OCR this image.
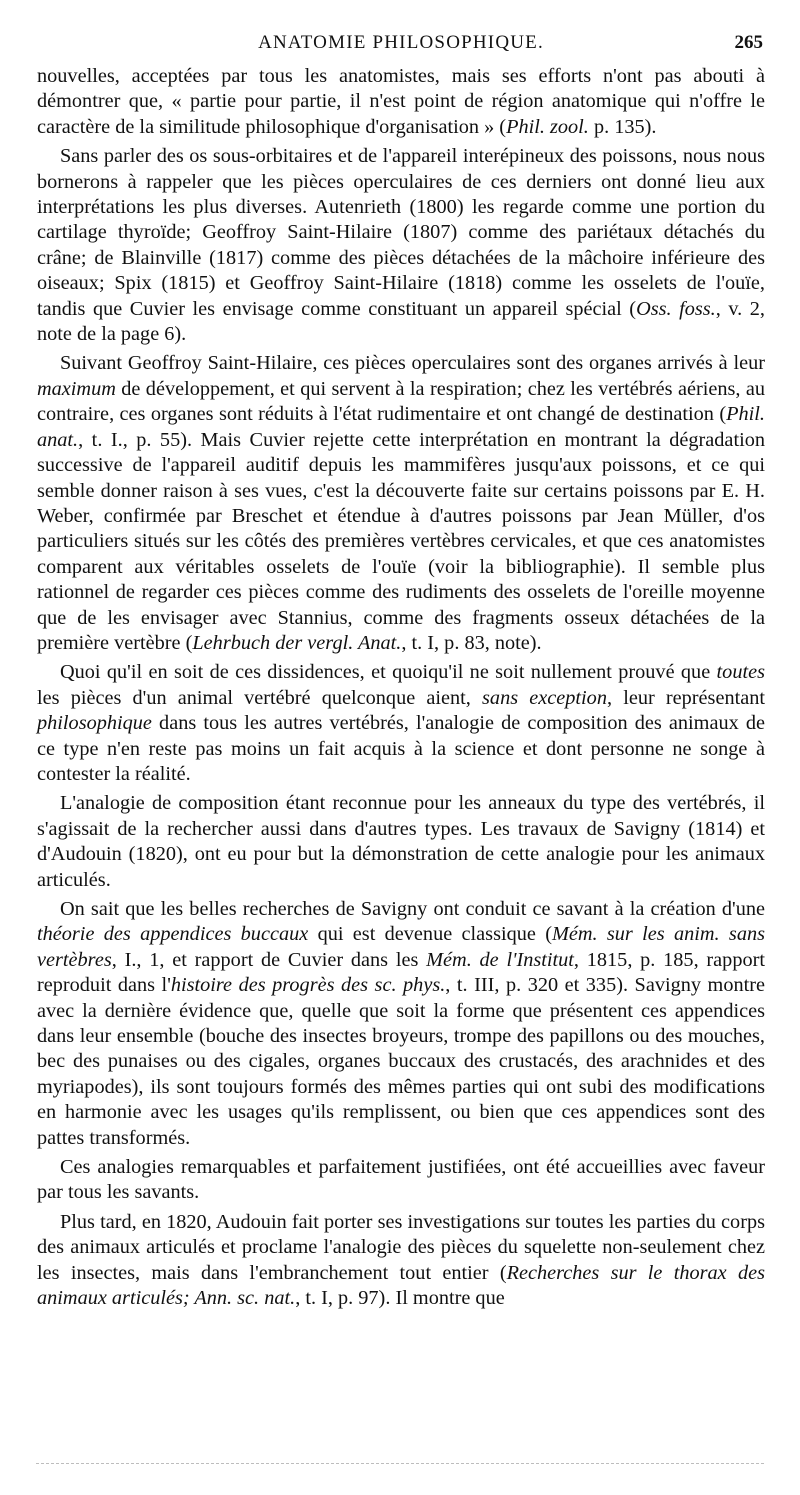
ANATOMIE PHILOSOPHIQUE.	265

nouvelles, acceptées par tous les anatomistes, mais ses efforts n'ont pas abouti à démontrer que, « partie pour partie, il n'est point de région anatomique qui n'offre le caractère de la similitude philosophique d'organisation » (Phil. zool. p. 135).

Sans parler des os sous-orbitaires et de l'appareil interépineux des poissons, nous nous bornerons à rappeler que les pièces operculaires de ces derniers ont donné lieu aux interprétations les plus diverses. Autenrieth (1800) les regarde comme une portion du cartilage thyroïde; Geoffroy Saint-Hilaire (1807) comme des pariétaux détachés du crâne; de Blainville (1817) comme des pièces détachées de la mâchoire inférieure des oiseaux; Spix (1815) et Geoffroy Saint-Hilaire (1818) comme les osselets de l'ouïe, tandis que Cuvier les envisage comme constituant un appareil spécial (Oss. foss., v. 2, note de la page 6).

Suivant Geoffroy Saint-Hilaire, ces pièces operculaires sont des organes arrivés à leur maximum de développement, et qui servent à la respiration; chez les vertébrés aériens, au contraire, ces organes sont réduits à l'état rudimentaire et ont changé de destination (Phil. anat., t. I., p. 55). Mais Cuvier rejette cette interprétation en montrant la dégradation successive de l'appareil auditif depuis les mammifères jusqu'aux poissons, et ce qui semble donner raison à ses vues, c'est la découverte faite sur certains poissons par E. H. Weber, confirmée par Breschet et étendue à d'autres poissons par Jean Müller, d'os particuliers situés sur les côtés des premières vertèbres cervicales, et que ces anatomistes comparent aux véritables osselets de l'ouïe (voir la bibliographie). Il semble plus rationnel de regarder ces pièces comme des rudiments des osselets de l'oreille moyenne que de les envisager avec Stannius, comme des fragments osseux détachées de la première vertèbre (Lehrbuch der vergl. Anat., t. I, p. 83, note).

Quoi qu'il en soit de ces dissidences, et quoiqu'il ne soit nullement prouvé que toutes les pièces d'un animal vertébré quelconque aient, sans exception, leur représentant philosophique dans tous les autres vertébrés, l'analogie de composition des animaux de ce type n'en reste pas moins un fait acquis à la science et dont personne ne songe à contester la réalité.

L'analogie de composition étant reconnue pour les anneaux du type des vertébrés, il s'agissait de la rechercher aussi dans d'autres types. Les travaux de Savigny (1814) et d'Audouin (1820), ont eu pour but la démonstration de cette analogie pour les animaux articulés.

On sait que les belles recherches de Savigny ont conduit ce savant à la création d'une théorie des appendices buccaux qui est devenue classique (Mém. sur les anim. sans vertèbres, I., 1, et rapport de Cuvier dans les Mém. de l'Institut, 1815, p. 185, rapport reproduit dans l'histoire des progrès des sc. phys., t. III, p. 320 et 335). Savigny montre avec la dernière évidence que, quelle que soit la forme que présentent ces appendices dans leur ensemble (bouche des insectes broyeurs, trompe des papillons ou des mouches, bec des punaises ou des cigales, organes buccaux des crustacés, des arachnides et des myriapodes), ils sont toujours formés des mêmes parties qui ont subi des modifications en harmonie avec les usages qu'ils remplissent, ou bien que ces appendices sont des pattes transformés.

Ces analogies remarquables et parfaitement justifiées, ont été accueillies avec faveur par tous les savants.

Plus tard, en 1820, Audouin fait porter ses investigations sur toutes les parties du corps des animaux articulés et proclame l'analogie des pièces du squelette non-seulement chez les insectes, mais dans l'embranchement tout entier (Recherches sur le thorax des animaux articulés; Ann. sc. nat., t. I, p. 97). Il montre que
